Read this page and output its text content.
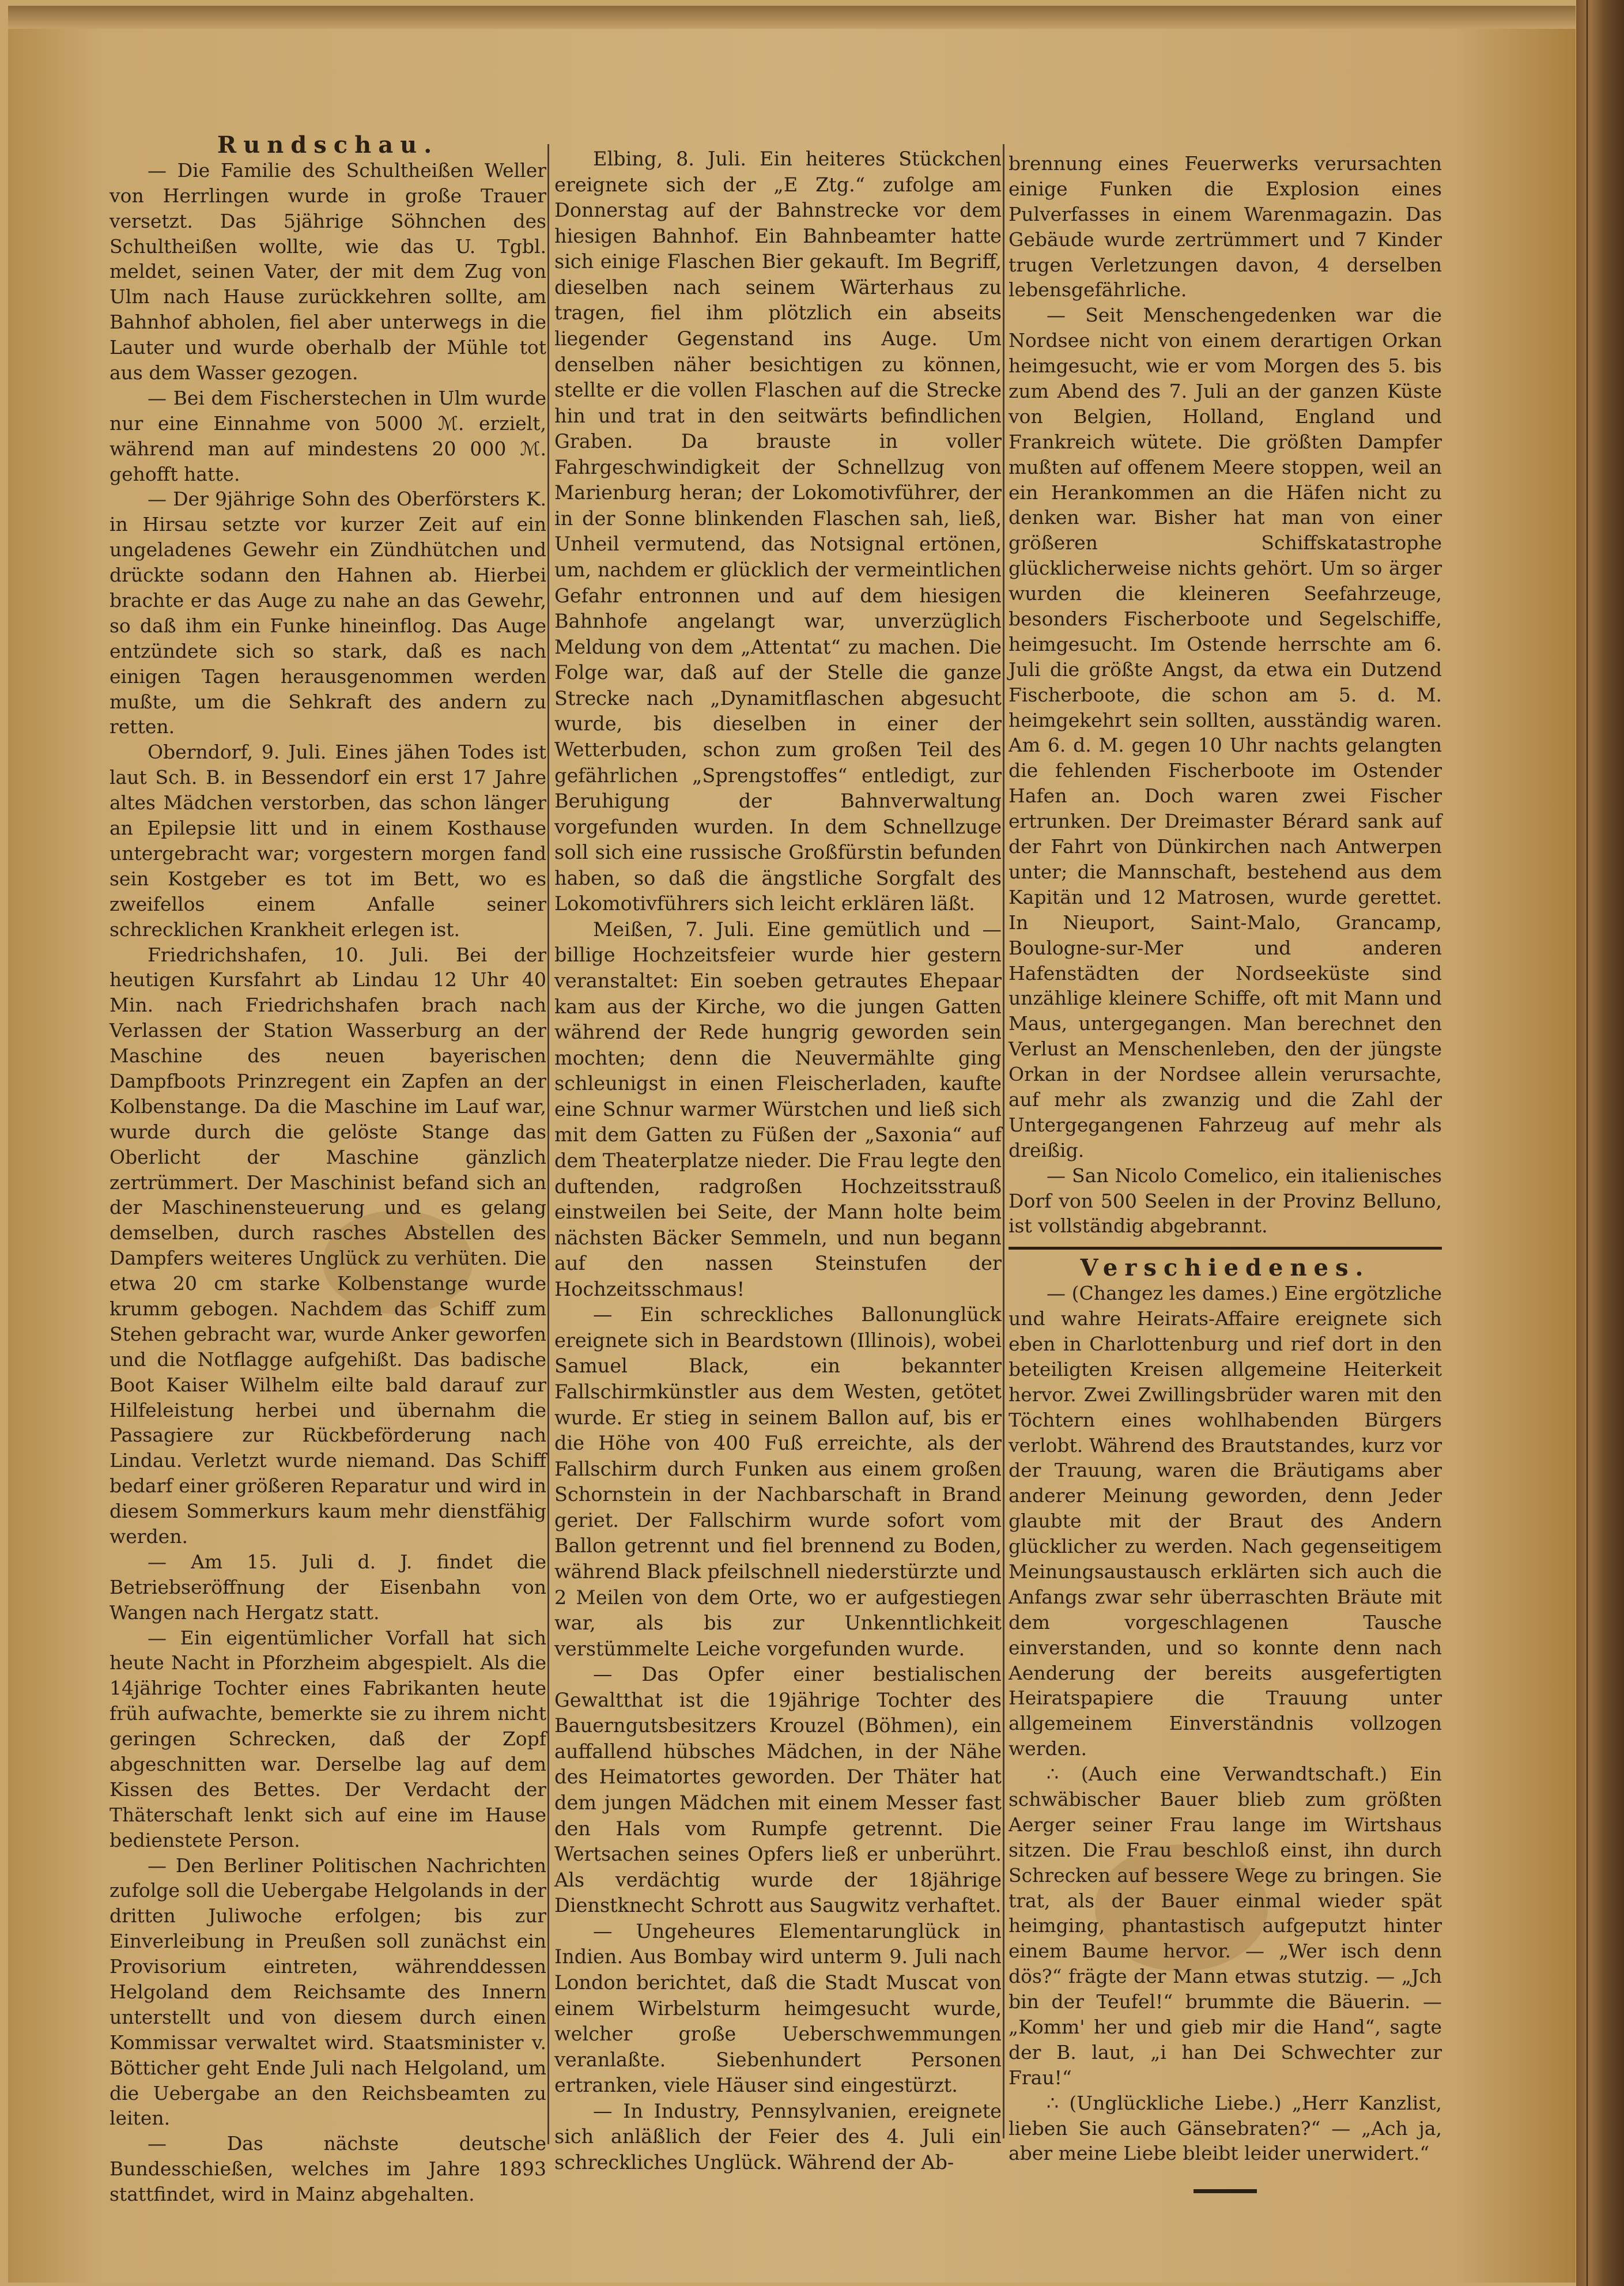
Rundschau.

— Die Familie des Schultheißen Weller von Herrlingen wurde in große Trauer versetzt. Das 5jährige Söhnchen des Schultheißen wollte, wie das U. Tgbl. meldet, seinen Vater, der mit dem Zug von Ulm nach Hause zurückkehren sollte, am Bahnhof abholen, fiel aber unterwegs in die Lauter und wurde oberhalb der Mühle tot aus dem Wasser gezogen.

— Bei dem Fischerstechen in Ulm wurde nur eine Einnahme von 5000 ℳ. erzielt, während man auf mindestens 20 000 ℳ. gehofft hatte.

— Der 9jährige Sohn des Oberförsters K. in Hirsau setzte vor kurzer Zeit auf ein ungeladenes Gewehr ein Zündhütchen und drückte sodann den Hahnen ab. Hierbei brachte er das Auge zu nahe an das Gewehr, so daß ihm ein Funke hineinflog. Das Auge entzündete sich so stark, daß es nach einigen Tagen herausgenommen werden mußte, um die Sehkraft des andern zu retten.

Oberndorf, 9. Juli. Eines jähen Todes ist laut Sch. B. in Bessendorf ein erst 17 Jahre altes Mädchen verstorben, das schon länger an Epilepsie litt und in einem Kosthause untergebracht war; vorgestern morgen fand sein Kostgeber es tot im Bett, wo es zweifellos einem Anfalle seiner schrecklichen Krankheit erlegen ist.

Friedrichshafen, 10. Juli. Bei der heutigen Kursfahrt ab Lindau 12 Uhr 40 Min. nach Friedrichshafen brach nach Verlassen der Station Wasserburg an der Maschine des neuen bayerischen Dampfboots Prinzregent ein Zapfen an der Kolbenstange. Da die Maschine im Lauf war, wurde durch die gelöste Stange das Oberlicht der Maschine gänzlich zertrümmert. Der Maschinist befand sich an der Maschinensteuerung und es gelang demselben, durch rasches Abstellen des Dampfers weiteres Unglück zu verhüten. Die etwa 20 cm starke Kolbenstange wurde krumm gebogen. Nachdem das Schiff zum Stehen gebracht war, wurde Anker geworfen und die Notflagge aufgehißt. Das badische Boot Kaiser Wilhelm eilte bald darauf zur Hilfeleistung herbei und übernahm die Passagiere zur Rückbeförderung nach Lindau. Verletzt wurde niemand. Das Schiff bedarf einer größeren Reparatur und wird in diesem Sommerkurs kaum mehr dienstfähig werden.

— Am 15. Juli d. J. findet die Betriebseröffnung der Eisenbahn von Wangen nach Hergatz statt.

— Ein eigentümlicher Vorfall hat sich heute Nacht in Pforzheim abgespielt. Als die 14jährige Tochter eines Fabrikanten heute früh aufwachte, bemerkte sie zu ihrem nicht geringen Schrecken, daß der Zopf abgeschnitten war. Derselbe lag auf dem Kissen des Bettes. Der Verdacht der Thäterschaft lenkt sich auf eine im Hause bedienstete Person.

— Den Berliner Politischen Nachrichten zufolge soll die Uebergabe Helgolands in der dritten Juliwoche erfolgen; bis zur Einverleibung in Preußen soll zunächst ein Provisorium eintreten, währenddessen Helgoland dem Reichsamte des Innern unterstellt und von diesem durch einen Kommissar verwaltet wird. Staatsminister v. Bötticher geht Ende Juli nach Helgoland, um die Uebergabe an den Reichsbeamten zu leiten.

— Das nächste deutsche Bundesschießen, welches im Jahre 1893 stattfindet, wird in Mainz abgehalten.

Elbing, 8. Juli. Ein heiteres Stückchen ereignete sich der „E Ztg.“ zufolge am Donnerstag auf der Bahnstrecke vor dem hiesigen Bahnhof. Ein Bahnbeamter hatte sich einige Flaschen Bier gekauft. Im Begriff, dieselben nach seinem Wärterhaus zu tragen, fiel ihm plötzlich ein abseits liegender Gegenstand ins Auge. Um denselben näher besichtigen zu können, stellte er die vollen Flaschen auf die Strecke hin und trat in den seitwärts befindlichen Graben. Da brauste in voller Fahrgeschwindigkeit der Schnellzug von Marienburg heran; der Lokomotivführer, der in der Sonne blinkenden Flaschen sah, ließ, Unheil vermutend, das Notsignal ertönen, um, nachdem er glücklich der vermeintlichen Gefahr entronnen und auf dem hiesigen Bahnhofe angelangt war, unverzüglich Meldung von dem „Attentat“ zu machen. Die Folge war, daß auf der Stelle die ganze Strecke nach „Dynamitflaschen abgesucht wurde, bis dieselben in einer der Wetterbuden, schon zum großen Teil des gefährlichen „Sprengstoffes“ entledigt, zur Beruhigung der Bahnverwaltung vorgefunden wurden. In dem Schnellzuge soll sich eine russische Großfürstin befunden haben, so daß die ängstliche Sorgfalt des Lokomotivführers sich leicht erklären läßt.

Meißen, 7. Juli. Eine gemütlich und — billige Hochzeitsfeier wurde hier gestern veranstaltet: Ein soeben getrautes Ehepaar kam aus der Kirche, wo die jungen Gatten während der Rede hungrig geworden sein mochten; denn die Neuvermählte ging schleunigst in einen Fleischerladen, kaufte eine Schnur warmer Würstchen und ließ sich mit dem Gatten zu Füßen der „Saxonia“ auf dem Theaterplatze nieder. Die Frau legte den duftenden, radgroßen Hochzeitsstrauß einstweilen bei Seite, der Mann holte beim nächsten Bäcker Semmeln, und nun begann auf den nassen Steinstufen der Hochzeitsschmaus!

— Ein schreckliches Ballonunglück ereignete sich in Beardstown (Illinois), wobei Samuel Black, ein bekannter Fallschirmkünstler aus dem Westen, getötet wurde. Er stieg in seinem Ballon auf, bis er die Höhe von 400 Fuß erreichte, als der Fallschirm durch Funken aus einem großen Schornstein in der Nachbarschaft in Brand geriet. Der Fallschirm wurde sofort vom Ballon getrennt und fiel brennend zu Boden, während Black pfeilschnell niederstürzte und 2 Meilen von dem Orte, wo er aufgestiegen war, als bis zur Unkenntlichkeit verstümmelte Leiche vorgefunden wurde.

— Das Opfer einer bestialischen Gewaltthat ist die 19jährige Tochter des Bauerngutsbesitzers Krouzel (Böhmen), ein auffallend hübsches Mädchen, in der Nähe des Heimatortes geworden. Der Thäter hat dem jungen Mädchen mit einem Messer fast den Hals vom Rumpfe getrennt. Die Wertsachen seines Opfers ließ er unberührt. Als verdächtig wurde der 18jährige Dienstknecht Schrott aus Saugwitz verhaftet.

— Ungeheures Elementarunglück in Indien. Aus Bombay wird unterm 9. Juli nach London berichtet, daß die Stadt Muscat von einem Wirbelsturm heimgesucht wurde, welcher große Ueberschwemmungen veranlaßte. Siebenhundert Personen ertranken, viele Häuser sind eingestürzt.

— In Industry, Pennsylvanien, ereignete sich anläßlich der Feier des 4. Juli ein schreckliches Unglück. Während der Ab-

brennung eines Feuerwerks verursachten einige Funken die Explosion eines Pulverfasses in einem Warenmagazin. Das Gebäude wurde zertrümmert und 7 Kinder trugen Verletzungen davon, 4 derselben lebensgefährliche.

— Seit Menschengedenken war die Nordsee nicht von einem derartigen Orkan heimgesucht, wie er vom Morgen des 5. bis zum Abend des 7. Juli an der ganzen Küste von Belgien, Holland, England und Frankreich wütete. Die größten Dampfer mußten auf offenem Meere stoppen, weil an ein Herankommen an die Häfen nicht zu denken war. Bisher hat man von einer größeren Schiffskatastrophe glücklicherweise nichts gehört. Um so ärger wurden die kleineren Seefahrzeuge, besonders Fischerboote und Segelschiffe, heimgesucht. Im Ostende herrschte am 6. Juli die größte Angst, da etwa ein Dutzend Fischerboote, die schon am 5. d. M. heimgekehrt sein sollten, ausständig waren. Am 6. d. M. gegen 10 Uhr nachts gelangten die fehlenden Fischerboote im Ostender Hafen an. Doch waren zwei Fischer ertrunken. Der Dreimaster Bérard sank auf der Fahrt von Dünkirchen nach Antwerpen unter; die Mannschaft, bestehend aus dem Kapitän und 12 Matrosen, wurde gerettet. In Nieuport, Saint-Malo, Grancamp, Boulogne-sur-Mer und anderen Hafenstädten der Nordseeküste sind unzählige kleinere Schiffe, oft mit Mann und Maus, untergegangen. Man berechnet den Verlust an Menschenleben, den der jüngste Orkan in der Nordsee allein verursachte, auf mehr als zwanzig und die Zahl der Untergegangenen Fahrzeug auf mehr als dreißig.

— San Nicolo Comelico, ein italienisches Dorf von 500 Seelen in der Provinz Belluno, ist vollständig abgebrannt.

Verschiedenes.

— (Changez les dames.) Eine ergötzliche und wahre Heirats-Affaire ereignete sich eben in Charlottenburg und rief dort in den beteiligten Kreisen allgemeine Heiterkeit hervor. Zwei Zwillingsbrüder waren mit den Töchtern eines wohlhabenden Bürgers verlobt. Während des Brautstandes, kurz vor der Trauung, waren die Bräutigams aber anderer Meinung geworden, denn Jeder glaubte mit der Braut des Andern glücklicher zu werden. Nach gegenseitigem Meinungsaustausch erklärten sich auch die Anfangs zwar sehr überraschten Bräute mit dem vorgeschlagenen Tausche einverstanden, und so konnte denn nach Aenderung der bereits ausgefertigten Heiratspapiere die Trauung unter allgemeinem Einverständnis vollzogen werden.

∴ (Auch eine Verwandtschaft.) Ein schwäbischer Bauer blieb zum größten Aerger seiner Frau lange im Wirtshaus sitzen. Die Frau beschloß einst, ihn durch Schrecken auf bessere Wege zu bringen. Sie trat, als der Bauer einmal wieder spät heimging, phantastisch aufgeputzt hinter einem Baume hervor. — „Wer isch denn dös?“ frägte der Mann etwas stutzig. — „Jch bin der Teufel!“ brummte die Bäuerin. — „Komm' her und gieb mir die Hand“, sagte der B. laut, „i han Dei Schwechter zur Frau!“

∴ (Unglückliche Liebe.) „Herr Kanzlist, lieben Sie auch Gänsebraten?“ — „Ach ja, aber meine Liebe bleibt leider unerwidert.“
